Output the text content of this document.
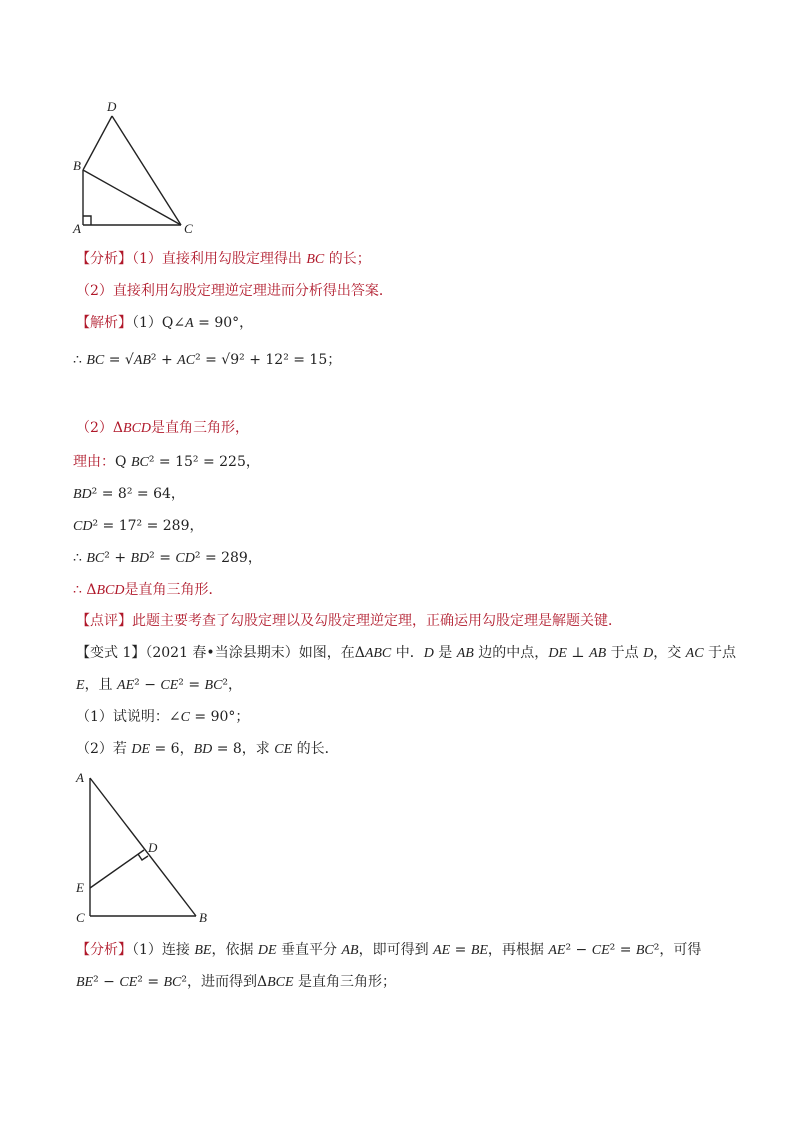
D
B
A	C
【分析】（1）直接利用勾股定理得出 BC 的长；
（2）直接利用勾股定理逆定理进而分析得出答案．
【解析】（1）Q∠A = 90°，
∴ BC = √AB² + AC² = √9² + 12² = 15；
（2）ΔBCD是直角三角形，
理由：Q BC² = 15² = 225，
BD² = 8² = 64，
CD² = 17² = 289，
∴ BC² + BD² = CD² = 289，
∴ ΔBCD是直角三角形．
【点评】此题主要考查了勾股定理以及勾股定理逆定理，正确运用勾股定理是解题关键．
【变式 1】（2021 春•当涂县期末）如图，在ΔABC 中．D 是 AB 边的中点，DE ⊥ AB 于点 D，交 AC 于点
E，且 AE² − CE² = BC²，
（1）试说明：∠C = 90°；
（2）若 DE = 6，BD = 8，求 CE 的长．
【分析】（1）连接 BE，依据 DE 垂直平分 AB，即可得到 AE = BE，再根据 AE² − CE² = BC²，可得
BE² − CE² = BC²，进而得到ΔBCE 是直角三角形；
A
D
E
C	B
